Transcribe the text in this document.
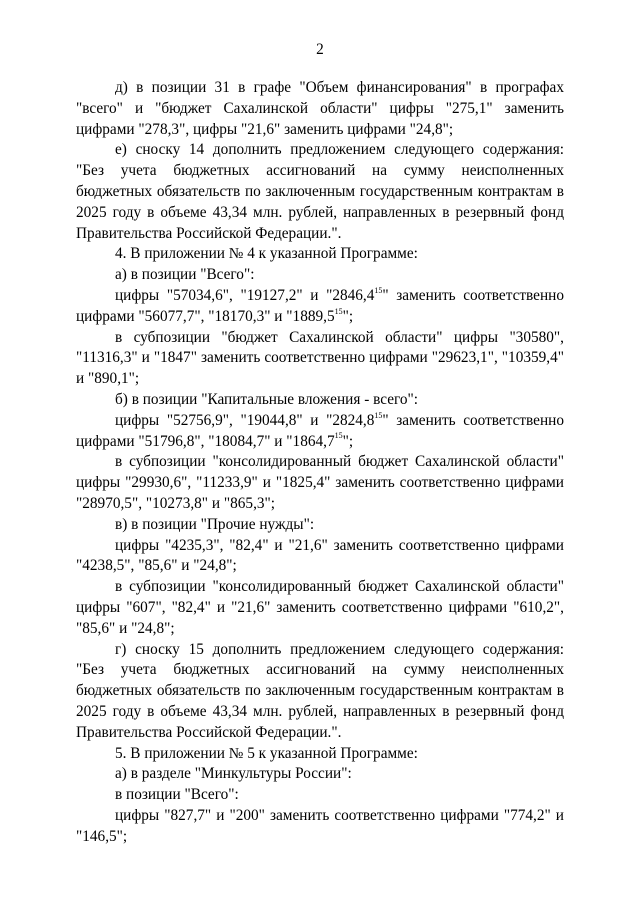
2

д) в позиции 31 в графе "Объем финансирования" в прографах "всего" и "бюджет Сахалинской области" цифры "275,1" заменить цифрами "278,3", цифры "21,6" заменить цифрами "24,8";

е) сноску 14 дополнить предложением следующего содержания: "Без учета бюджетных ассигнований на сумму неисполненных бюджетных обязательств по заключенным государственным контрактам в 2025 году в объеме 43,34 млн. рублей, направленных в резервный фонд Правительства Российской Федерации.".

4. В приложении № 4 к указанной Программе:

а) в позиции "Всего":

цифры "57034,6", "19127,2" и "2846,4$^{15}$" заменить соответственно цифрами "56077,7", "18170,3" и "1889,5$^{15}$";

в субпозиции "бюджет Сахалинской области" цифры "30580", "11316,3" и "1847" заменить соответственно цифрами "29623,1", "10359,4" и "890,1";

б) в позиции "Капитальные вложения - всего":

цифры "52756,9", "19044,8" и "2824,8$^{15}$" заменить соответственно цифрами "51796,8", "18084,7" и "1864,7$^{15}$";

в субпозиции "консолидированный бюджет Сахалинской области" цифры "29930,6", "11233,9" и "1825,4" заменить соответственно цифрами "28970,5", "10273,8" и "865,3";

в) в позиции "Прочие нужды":

цифры "4235,3", "82,4" и "21,6" заменить соответственно цифрами "4238,5", "85,6" и "24,8";

в субпозиции "консолидированный бюджет Сахалинской области" цифры "607", "82,4" и "21,6" заменить соответственно цифрами "610,2", "85,6" и "24,8";

г) сноску 15 дополнить предложением следующего содержания: "Без учета бюджетных ассигнований на сумму неисполненных бюджетных обязательств по заключенным государственным контрактам в 2025 году в объеме 43,34 млн. рублей, направленных в резервный фонд Правительства Российской Федерации.".

5. В приложении № 5 к указанной Программе:

а) в разделе "Минкультуры России":

в позиции "Всего":

цифры "827,7" и "200" заменить соответственно цифрами "774,2" и "146,5";
